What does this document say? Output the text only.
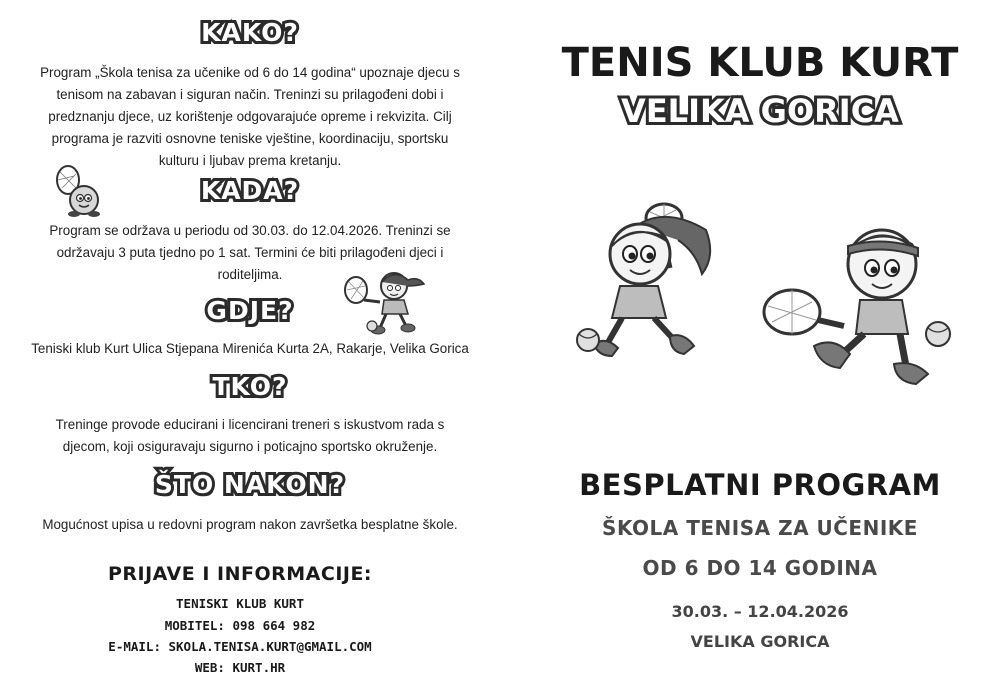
KAKO?
Program „Škola tenisa za učenike od 6 do 14 godina“ upoznaje djecu s
tenisom na zabavan i siguran način. Treninzi su prilagođeni dobi i
predznanju djece, uz korištenje odgovarajuće opreme i rekvizita. Cilj
programa je razviti osnovne teniske vještine, koordinaciju, sportsku
kulturu i ljubav prema kretanju.
KADA?
Program se održava u periodu od 30.03. do 12.04.2026. Treninzi se
održavaju 3 puta tjedno po 1 sat. Termini će biti prilagođeni djeci i
roditeljima.
GDJE?
Teniski klub Kurt Ulica Stjepana Mirenića Kurta 2A, Rakarje, Velika Gorica
TKO?
Treninge provode educirani i licencirani treneri s iskustvom rada s
djecom, koji osiguravaju sigurno i poticajno sportsko okruženje.
ŠTO NAKON?
Mogućnost upisa u redovni program nakon završetka besplatne škole.
PRIJAVE I INFORMACIJE:
TENISKI KLUB KURT
MOBITEL: 098 664 982
E-MAIL: SKOLA.TENISA.KURT@GMAIL.COM
WEB: KURT.HR
TENIS KLUB KURT
VELIKA GORICA
BESPLATNI PROGRAM
ŠKOLA TENISA ZA UČENIKE
OD 6 DO 14 GODINA
30.03. – 12.04.2026
VELIKA GORICA
